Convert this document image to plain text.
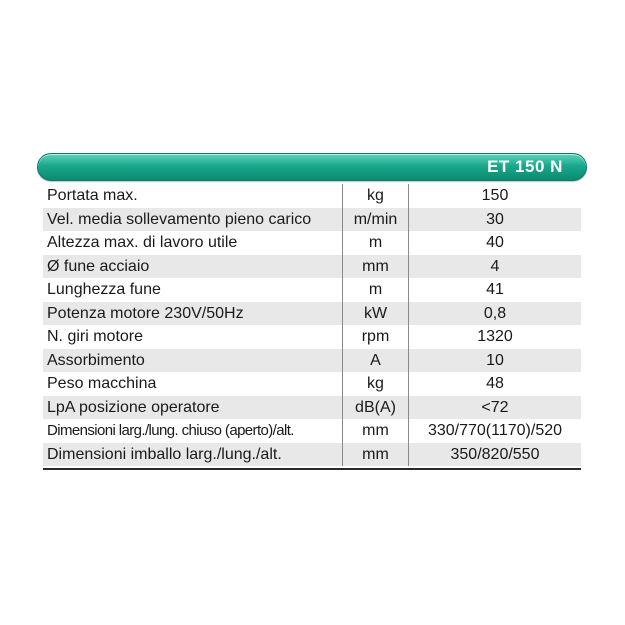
ET 150 N
Portata max.	kg	150
Vel. media sollevamento pieno carico	m/min	30
Altezza max. di lavoro utile	m	40
Ø fune acciaio	mm	4
Lunghezza fune	m	41
Potenza motore 230V/50Hz	kW	0,8
N. giri motore	rpm	1320
Assorbimento	A	10
Peso macchina	kg	48
LpA posizione operatore	dB(A)	<72
Dimensioni larg./lung. chiuso (aperto)/alt.	mm	330/770(1170)/520
Dimensioni imballo larg./lung./alt.	mm	350/820/550
